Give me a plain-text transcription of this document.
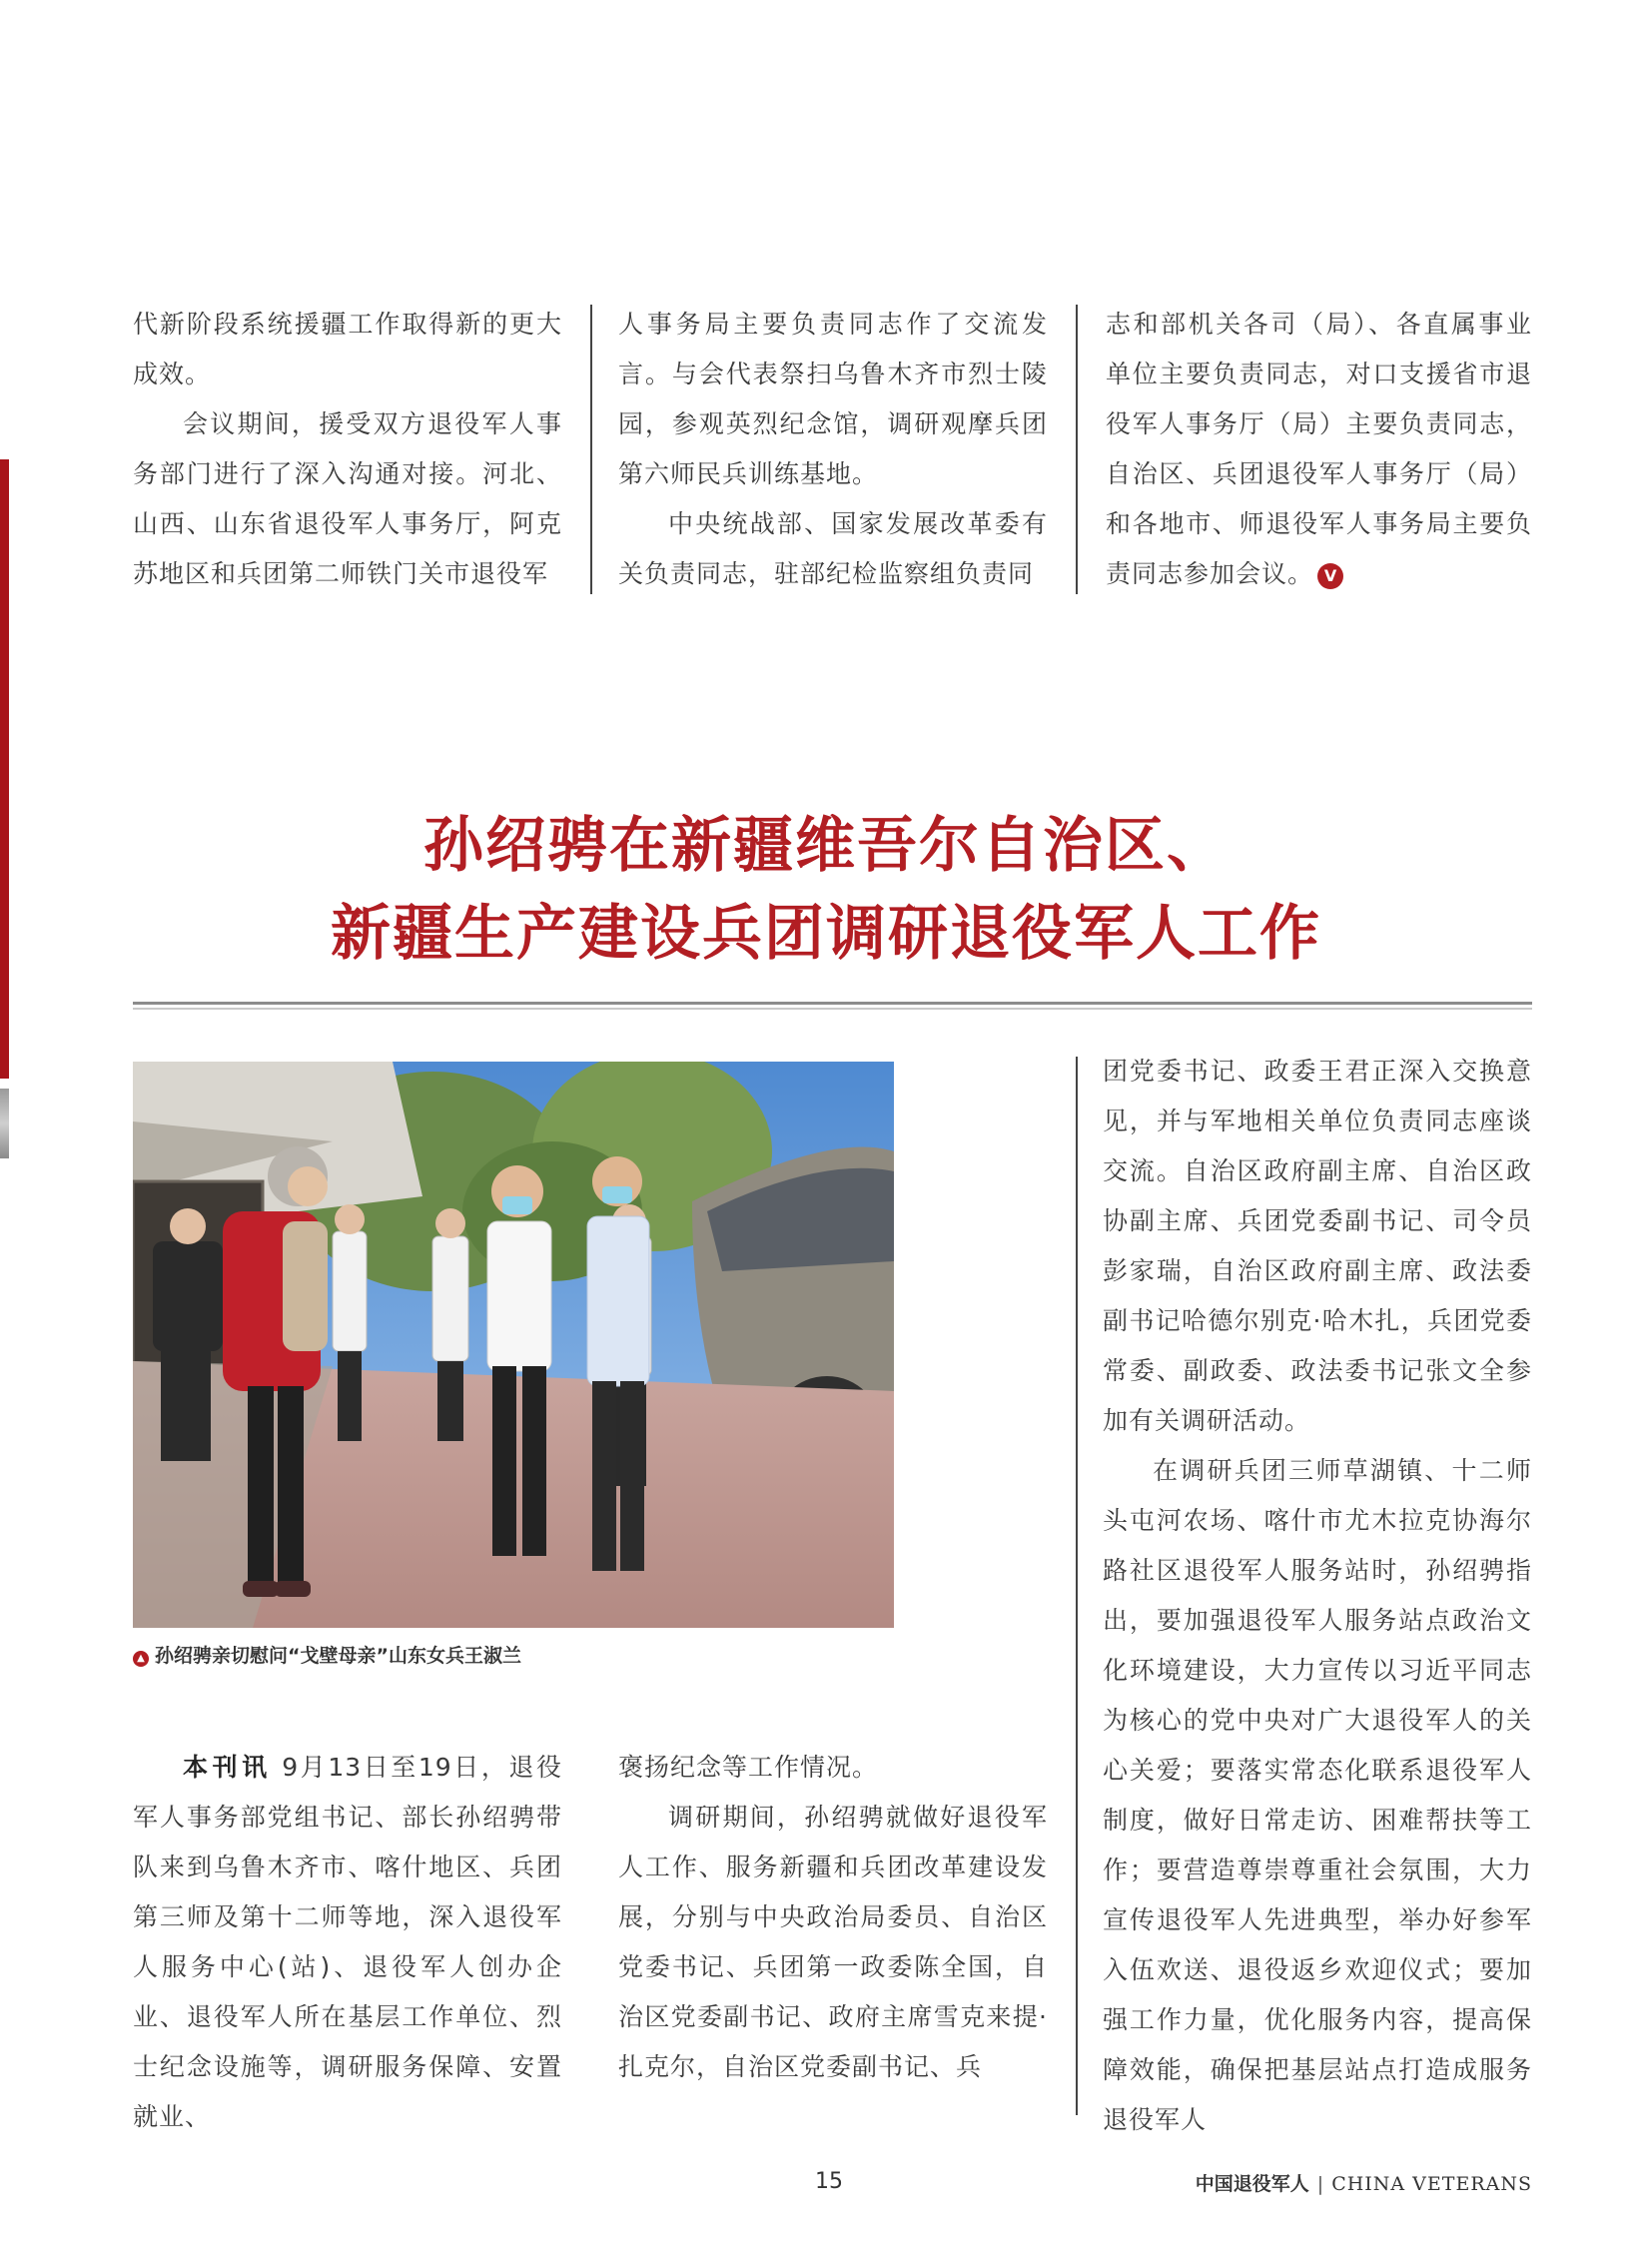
代新阶段系统援疆工作取得新的更大成效。

会议期间，援受双方退役军人事务部门进行了深入沟通对接。河北、山西、山东省退役军人事务厅，阿克苏地区和兵团第二师铁门关市退役军

人事务局主要负责同志作了交流发言。与会代表祭扫乌鲁木齐市烈士陵园，参观英烈纪念馆，调研观摩兵团第六师民兵训练基地。

中央统战部、国家发展改革委有关负责同志，驻部纪检监察组负责同

志和部机关各司（局）、各直属事业单位主要负责同志，对口支援省市退役军人事务厅（局）主要负责同志，自治区、兵团退役军人事务厅（局）和各地市、师退役军人事务局主要负责同志参加会议。 V

孙绍骋在新疆维吾尔自治区、
新疆生产建设兵团调研退役军人工作
▲ 孙绍骋亲切慰问“戈壁母亲”山东女兵王淑兰

本刊讯 9月13日至19日，退役军人事务部党组书记、部长孙绍骋带队来到乌鲁木齐市、喀什地区、兵团第三师及第十二师等地，深入退役军人服务中心(站)、退役军人创办企业、退役军人所在基层工作单位、烈士纪念设施等，调研服务保障、安置就业、

褒扬纪念等工作情况。

调研期间，孙绍骋就做好退役军人工作、服务新疆和兵团改革建设发展，分别与中央政治局委员、自治区党委书记、兵团第一政委陈全国，自治区党委副书记、政府主席雪克来提·扎克尔，自治区党委副书记、兵

团党委书记、政委王君正深入交换意见，并与军地相关单位负责同志座谈交流。自治区政府副主席、自治区政协副主席、兵团党委副书记、司令员彭家瑞，自治区政府副主席、政法委副书记哈德尔别克·哈木扎，兵团党委常委、副政委、政法委书记张文全参加有关调研活动。

在调研兵团三师草湖镇、十二师头屯河农场、喀什市尤木拉克协海尔路社区退役军人服务站时，孙绍骋指出，要加强退役军人服务站点政治文化环境建设，大力宣传以习近平同志为核心的党中央对广大退役军人的关心关爱；要落实常态化联系退役军人制度，做好日常走访、困难帮扶等工作；要营造尊崇尊重社会氛围，大力宣传退役军人先进典型，举办好参军入伍欢送、退役返乡欢迎仪式；要加强工作力量，优化服务内容，提高保障效能，确保把基层站点打造成服务退役军人

15	中国退役军人 | CHINA VETERANS
